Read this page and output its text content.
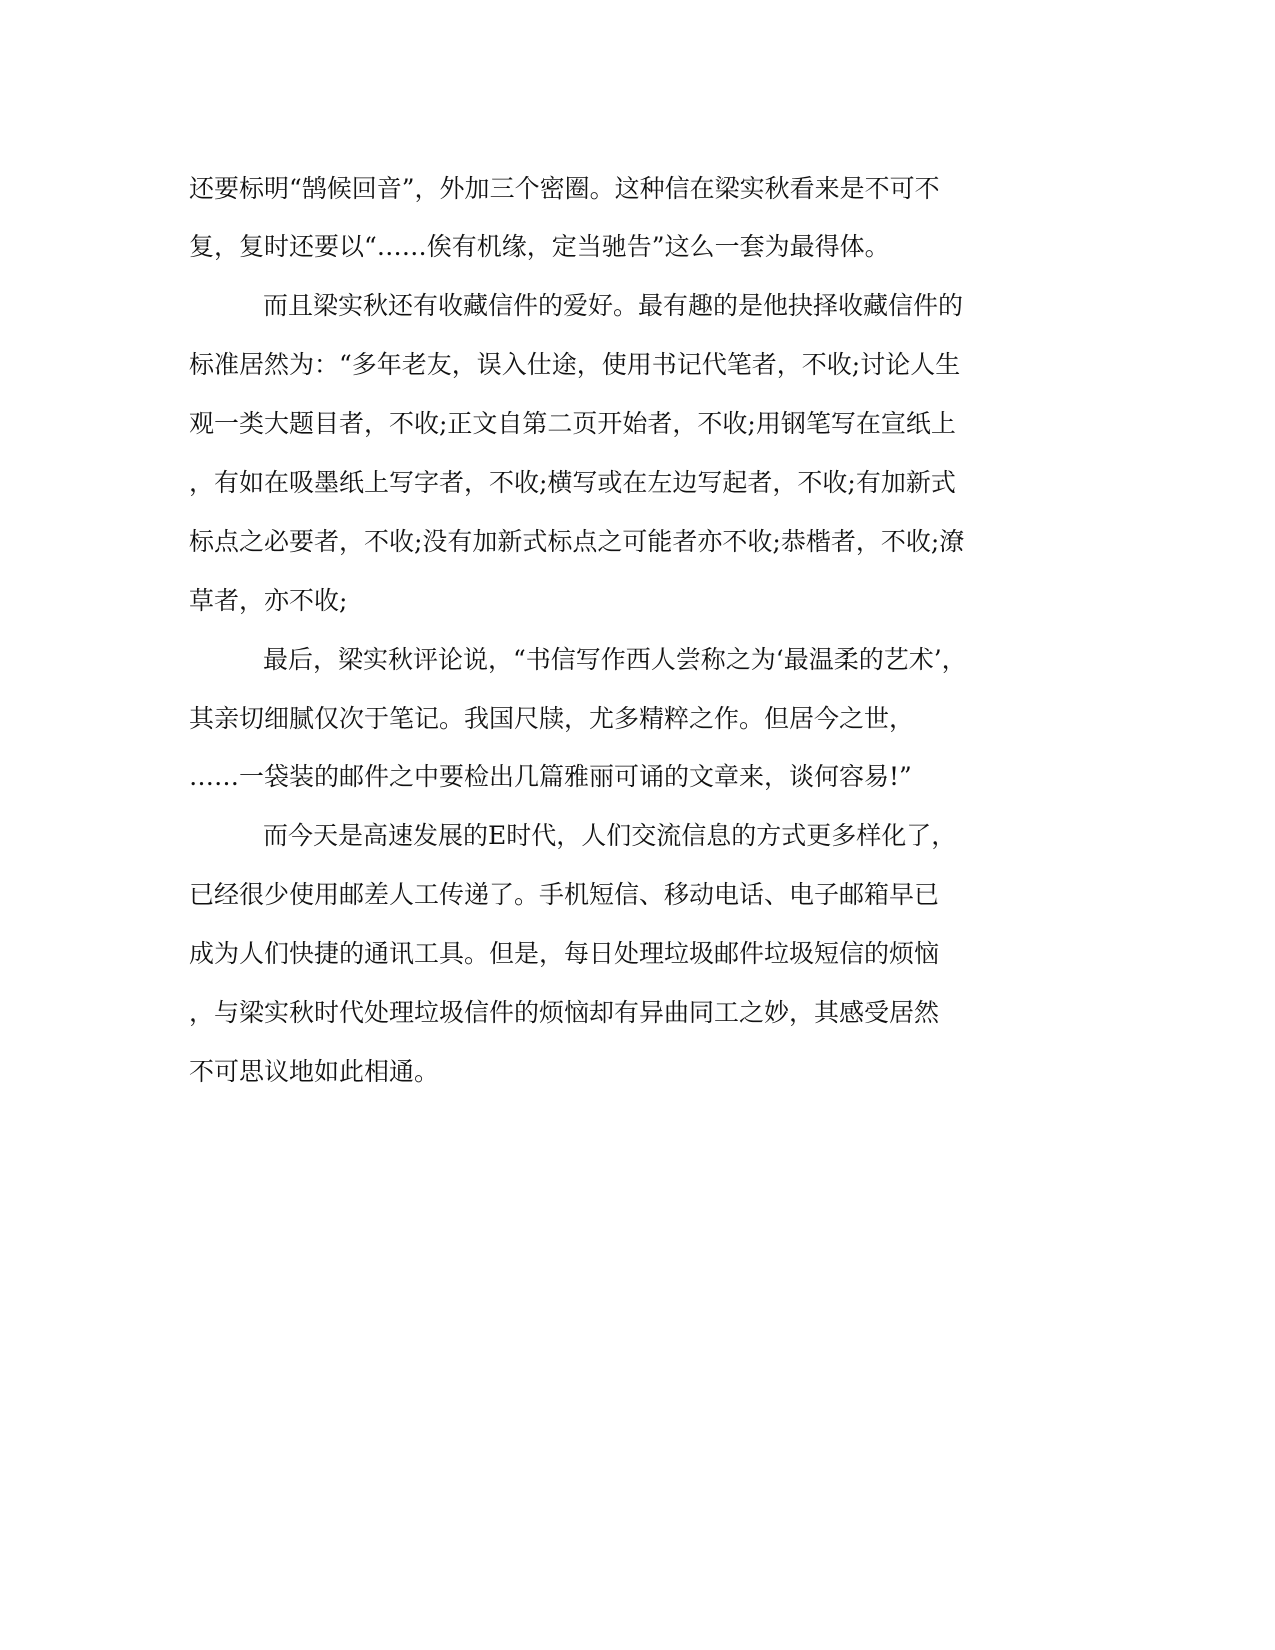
还要标明“鹄候回音”，外加三个密圈。这种信在梁实秋看来是不可不

复，复时还要以“……俟有机缘，定当驰告”这么一套为最得体。

而且梁实秋还有收藏信件的爱好。最有趣的是他抉择收藏信件的

标准居然为：“多年老友，误入仕途，使用书记代笔者，不收;讨论人生

观一类大题目者，不收;正文自第二页开始者，不收;用钢笔写在宣纸上

，有如在吸墨纸上写字者，不收;横写或在左边写起者，不收;有加新式

标点之必要者，不收;没有加新式标点之可能者亦不收;恭楷者，不收;潦

草者，亦不收;

最后，梁实秋评论说，“书信写作西人尝称之为‘最温柔的艺术’，

其亲切细腻仅次于笔记。我国尺牍，尤多精粹之作。但居今之世，

……一袋装的邮件之中要检出几篇雅丽可诵的文章来，谈何容易!”

而今天是高速发展的E时代，人们交流信息的方式更多样化了，

已经很少使用邮差人工传递了。手机短信、移动电话、电子邮箱早已

成为人们快捷的通讯工具。但是，每日处理垃圾邮件垃圾短信的烦恼

，与梁实秋时代处理垃圾信件的烦恼却有异曲同工之妙，其感受居然

不可思议地如此相通。
